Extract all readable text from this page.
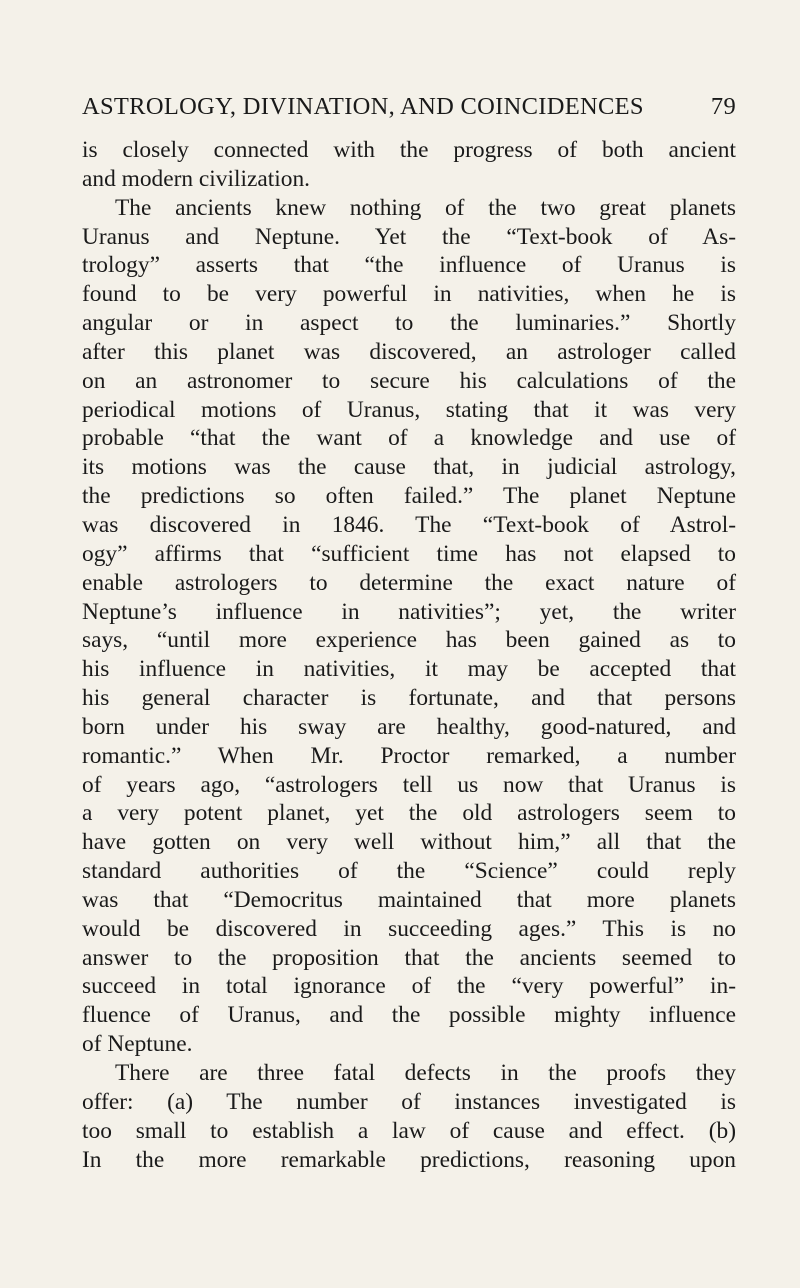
ASTROLOGY, DIVINATION, AND COINCIDENCES	79
is closely connected with the progress of both ancient
and modern civilization.
The ancients knew nothing of the two great planets
Uranus and Neptune. Yet the “Text-book of As-
trology” asserts that “the influence of Uranus is
found to be very powerful in nativities, when he is
angular or in aspect to the luminaries.” Shortly
after this planet was discovered, an astrologer called
on an astronomer to secure his calculations of the
periodical motions of Uranus, stating that it was very
probable “that the want of a knowledge and use of
its motions was the cause that, in judicial astrology,
the predictions so often failed.” The planet Neptune
was discovered in 1846. The “Text-book of Astrol-
ogy” affirms that “sufficient time has not elapsed to
enable astrologers to determine the exact nature of
Neptune’s influence in nativities”; yet, the writer
says, “until more experience has been gained as to
his influence in nativities, it may be accepted that
his general character is fortunate, and that persons
born under his sway are healthy, good-natured, and
romantic.” When Mr. Proctor remarked, a number
of years ago, “astrologers tell us now that Uranus is
a very potent planet, yet the old astrologers seem to
have gotten on very well without him,” all that the
standard authorities of the “Science” could reply
was that “Democritus maintained that more planets
would be discovered in succeeding ages.” This is no
answer to the proposition that the ancients seemed to
succeed in total ignorance of the “very powerful” in-
fluence of Uranus, and the possible mighty influence
of Neptune.
There are three fatal defects in the proofs they
offer: (a) The number of instances investigated is
too small to establish a law of cause and effect. (b)
In the more remarkable predictions, reasoning upon
